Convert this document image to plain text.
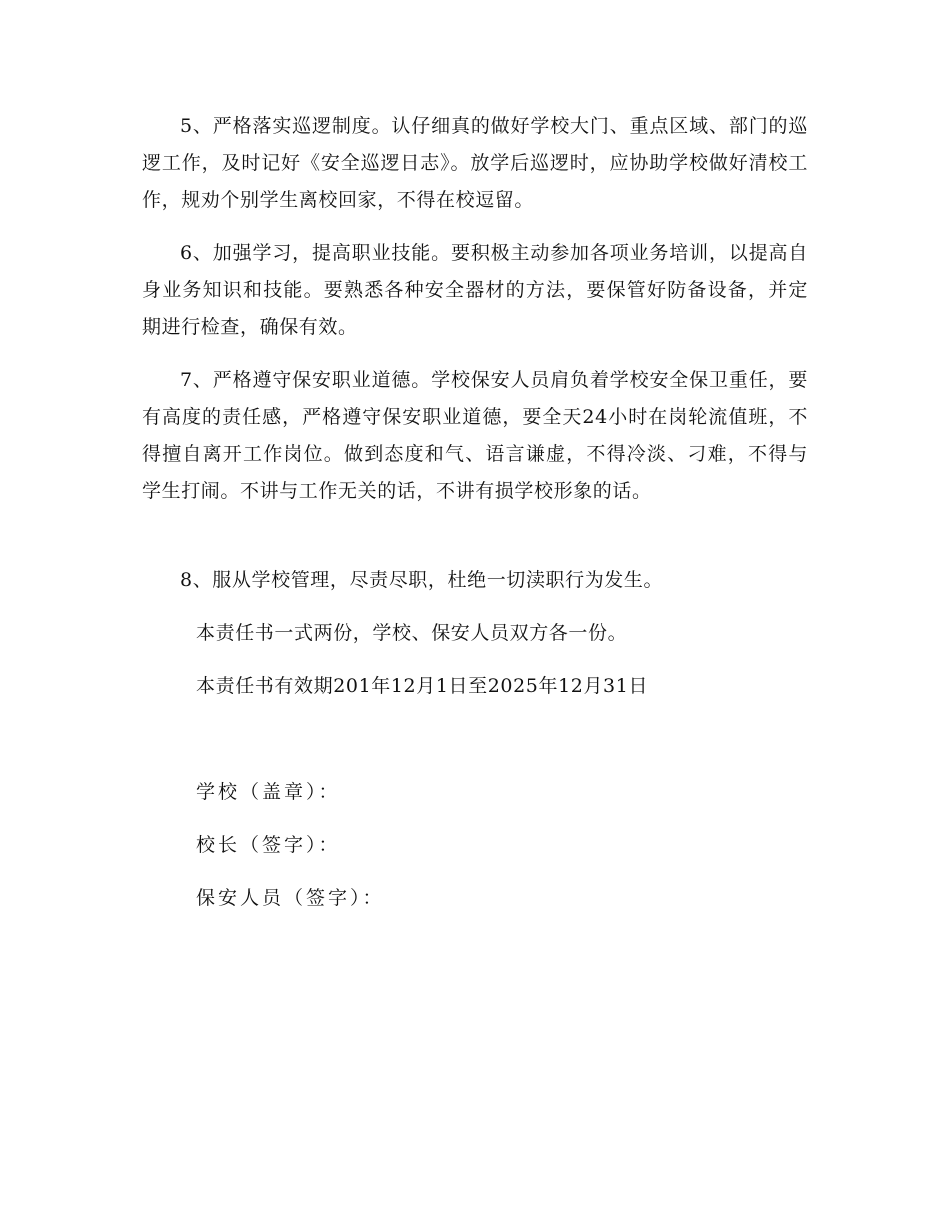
5、严格落实巡逻制度。认仔细真的做好学校大门、重点区域、部门的巡逻工作，及时记好《安全巡逻日志》。放学后巡逻时，应协助学校做好清校工作，规劝个别学生离校回家，不得在校逗留。

6、加强学习，提高职业技能。要积极主动参加各项业务培训，以提高自身业务知识和技能。要熟悉各种安全器材的方法，要保管好防备设备，并定期进行检查，确保有效。

7、严格遵守保安职业道德。学校保安人员肩负着学校安全保卫重任，要有高度的责任感，严格遵守保安职业道德，要全天24小时在岗轮流值班，不得擅自离开工作岗位。做到态度和气、语言谦虚，不得冷淡、刁难，不得与学生打闹。不讲与工作无关的话，不讲有损学校形象的话。

8、服从学校管理，尽责尽职，杜绝一切渎职行为发生。

本责任书一式两份，学校、保安人员双方各一份。

本责任书有效期201年12月1日至2025年12月31日

学校（盖章）：

校长（签字）：

保安人员（签字）：
